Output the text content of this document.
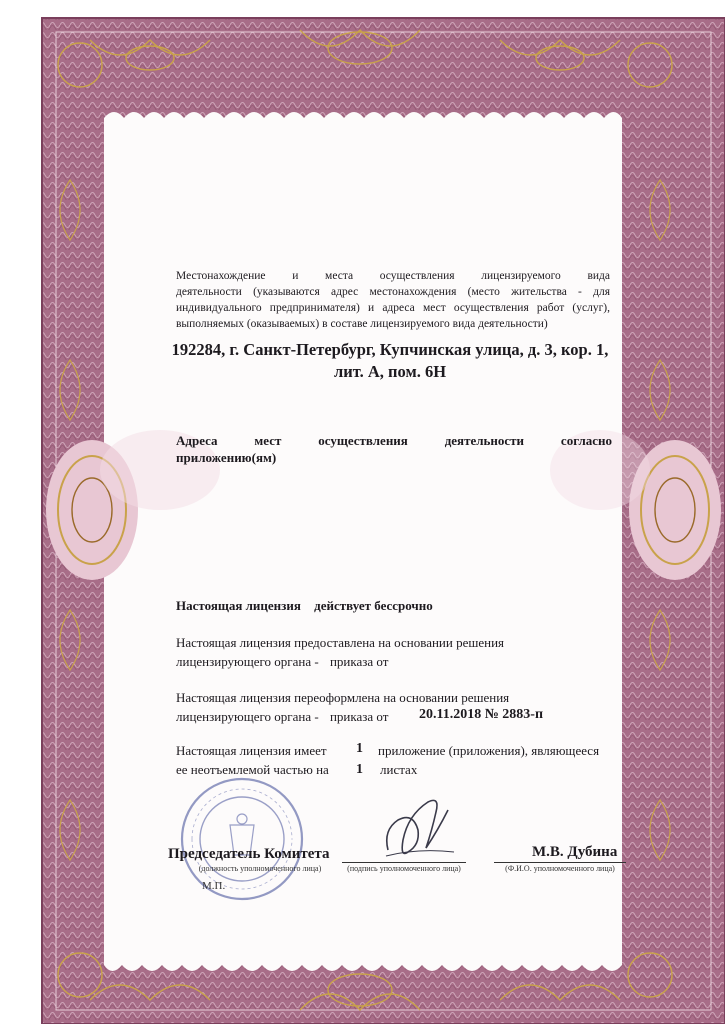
Местонахождение и места осуществления лицензируемого вида
деятельности (указываются адрес местонахождения (место жительства - для
индивидуального предпринимателя) и адреса мест осуществления работ (услуг),
выполняемых (оказываемых) в составе лицензируемого вида деятельности)
192284, г. Санкт-Петербург, Купчинская улица, д. 3, кор. 1,
лит. А, пом. 6Н
Адреса мест осуществления деятельности согласно
приложению(ям)
Настоящая лицензия действует бессрочно
Настоящая лицензия предоставлена на основании решения
лицензирующего органа - приказа от
Настоящая лицензия переоформлена на основании решения
лицензирующего органа - приказа от 20.11.2018 № 2883-п
Настоящая лицензия имеет 1 приложение (приложения), являющееся
ее неотъемлемой частью на 1 листах
Председатель Комитета	М.В. Дубина
(должность уполномоченного лица)	(подпись уполномоченного лица)	(Ф.И.О. уполномоченного лица)
М.П.
